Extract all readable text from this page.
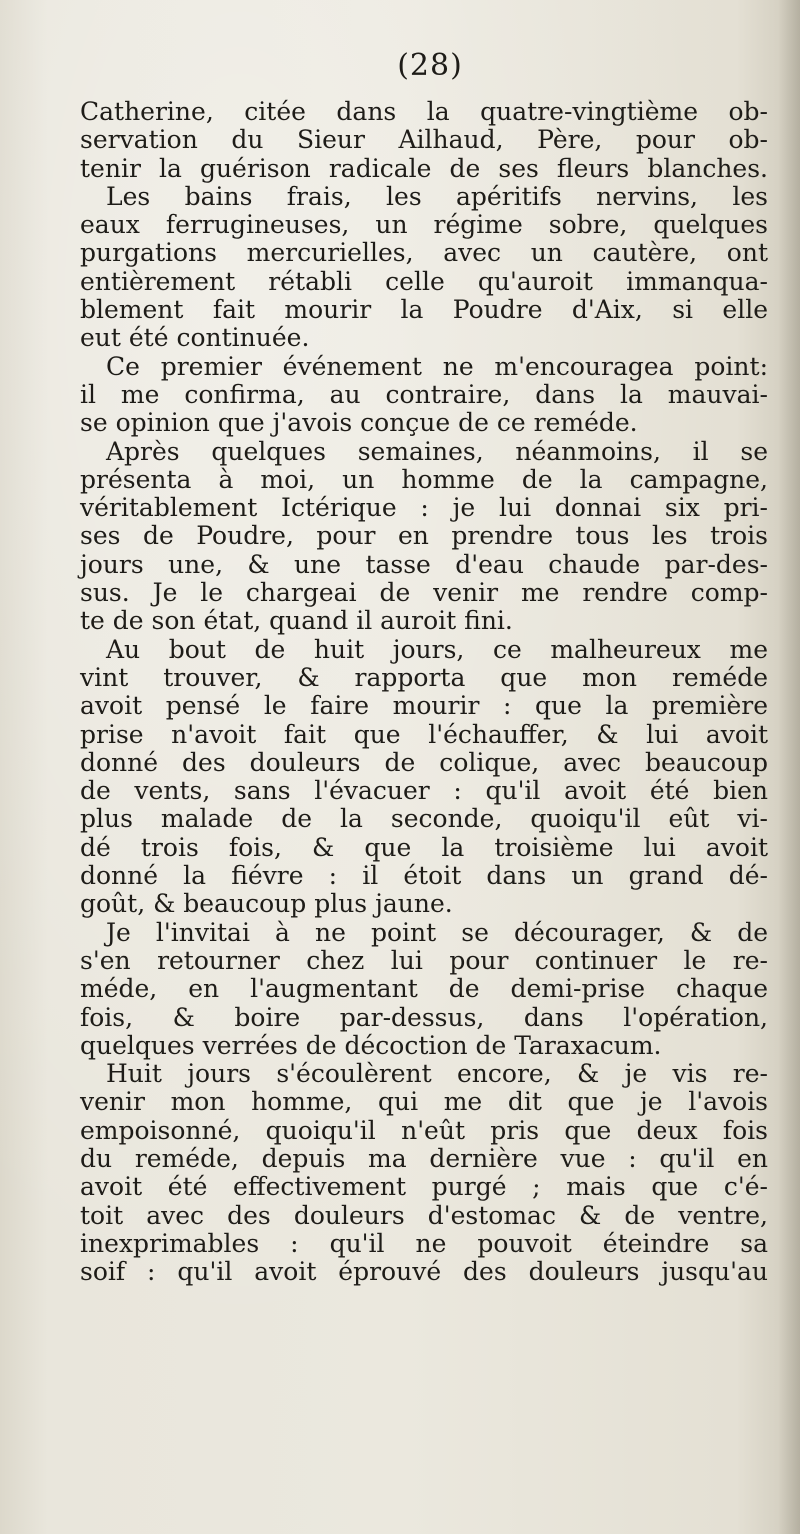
(28)
Catherine, citée dans la quatre-vingtième ob-
servation du Sieur Ailhaud, Père, pour ob-
tenir la guérison radicale de ses fleurs blanches.
Les bains frais, les apéritifs nervins, les
eaux ferrugineuses, un régime sobre, quelques
purgations mercurielles, avec un cautère, ont
entièrement rétabli celle qu'auroit immanqua-
blement fait mourir la Poudre d'Aix, si elle
eut été continuée.
Ce premier événement ne m'encouragea point:
il me confirma, au contraire, dans la mauvai-
se opinion que j'avois conçue de ce reméde.
Après quelques semaines, néanmoins, il se
présenta à moi, un homme de la campagne,
véritablement Ictérique : je lui donnai six pri-
ses de Poudre, pour en prendre tous les trois
jours une, & une tasse d'eau chaude par-des-
sus. Je le chargeai de venir me rendre comp-
te de son état, quand il auroit fini.
Au bout de huit jours, ce malheureux me
vint trouver, & rapporta que mon reméde
avoit pensé le faire mourir : que la première
prise n'avoit fait que l'échauffer, & lui avoit
donné des douleurs de colique, avec beaucoup
de vents, sans l'évacuer : qu'il avoit été bien
plus malade de la seconde, quoiqu'il eût vi-
dé trois fois, & que la troisième lui avoit
donné la fiévre : il étoit dans un grand dé-
goût, & beaucoup plus jaune.
Je l'invitai à ne point se décourager, & de
s'en retourner chez lui pour continuer le re-
méde, en l'augmentant de demi-prise chaque
fois, & boire par-dessus, dans l'opération,
quelques verrées de décoction de Taraxacum.
Huit jours s'écoulèrent encore, & je vis re-
venir mon homme, qui me dit que je l'avois
empoisonné, quoiqu'il n'eût pris que deux fois
du reméde, depuis ma dernière vue : qu'il en
avoit été effectivement purgé ; mais que c'é-
toit avec des douleurs d'estomac & de ventre,
inexprimables : qu'il ne pouvoit éteindre sa
soif : qu'il avoit éprouvé des douleurs jusqu'au
